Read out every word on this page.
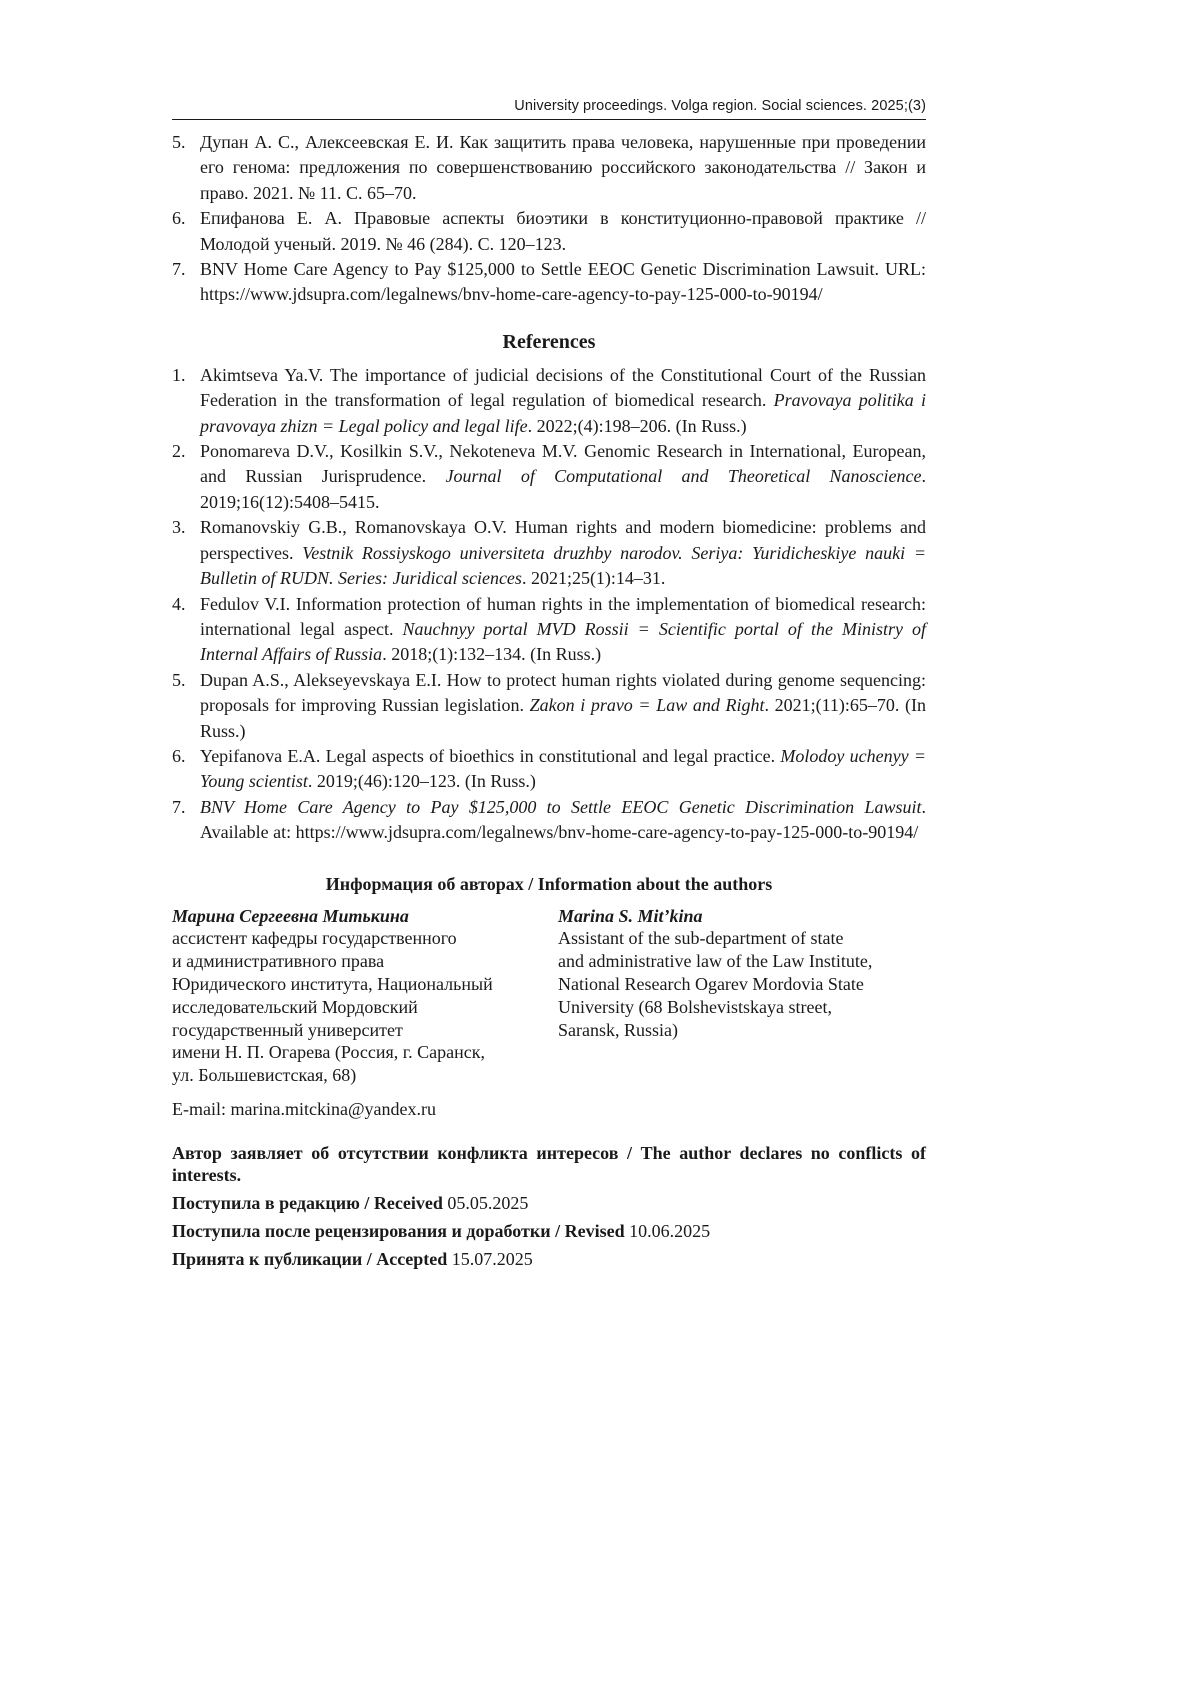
University proceedings. Volga region. Social sciences. 2025;(3)
5. Дупан А. С., Алексеевская Е. И. Как защитить права человека, нарушенные при проведении его генома: предложения по совершенствованию российского законодательства // Закон и право. 2021. № 11. С. 65–70.
6. Епифанова Е. А. Правовые аспекты биоэтики в конституционно-правовой практике // Молодой ученый. 2019. № 46 (284). С. 120–123.
7. BNV Home Care Agency to Pay $125,000 to Settle EEOC Genetic Discrimination Lawsuit. URL: https://www.jdsupra.com/legalnews/bnv-home-care-agency-to-pay-125-000-to-90194/
References
1. Akimtseva Ya.V. The importance of judicial decisions of the Constitutional Court of the Russian Federation in the transformation of legal regulation of biomedical research. Pravovaya politika i pravovaya zhizn = Legal policy and legal life. 2022;(4):198–206. (In Russ.)
2. Ponomareva D.V., Kosilkin S.V., Nekoteneva M.V. Genomic Research in International, European, and Russian Jurisprudence. Journal of Computational and Theoretical Nanoscience. 2019;16(12):5408–5415.
3. Romanovskiy G.B., Romanovskaya O.V. Human rights and modern biomedicine: problems and perspectives. Vestnik Rossiyskogo universiteta druzhby narodov. Seriya: Yuridicheskiye nauki = Bulletin of RUDN. Series: Juridical sciences. 2021;25(1):14–31.
4. Fedulov V.I. Information protection of human rights in the implementation of biomedical research: international legal aspect. Nauchnyy portal MVD Rossii = Scientific portal of the Ministry of Internal Affairs of Russia. 2018;(1):132–134. (In Russ.)
5. Dupan A.S., Alekseyevskaya E.I. How to protect human rights violated during genome sequencing: proposals for improving Russian legislation. Zakon i pravo = Law and Right. 2021;(11):65–70. (In Russ.)
6. Yepifanova E.A. Legal aspects of bioethics in constitutional and legal practice. Molodoy uchenyy = Young scientist. 2019;(46):120–123. (In Russ.)
7. BNV Home Care Agency to Pay $125,000 to Settle EEOC Genetic Discrimination Lawsuit. Available at: https://www.jdsupra.com/legalnews/bnv-home-care-agency-to-pay-125-000-to-90194/
Информация об авторах / Information about the authors
Марина Сергеевна Митькина
ассистент кафедры государственного
и административного права
Юридического института, Национальный
исследовательский Мордовский
государственный университет
имени Н. П. Огарева (Россия, г. Саранск,
ул. Большевистская, 68)
Marina S. Mit’kina
Assistant of the sub-department of state
and administrative law of the Law Institute,
National Research Ogarev Mordovia State
University (68 Bolshevistskaya street,
Saransk, Russia)
E-mail: marina.mitckina@yandex.ru

Автор заявляет об отсутствии конфликта интересов / The author declares no conflicts of interests.

Поступила в редакцию / Received 05.05.2025

Поступила после рецензирования и доработки / Revised 10.06.2025

Принята к публикации / Accepted 15.07.2025
